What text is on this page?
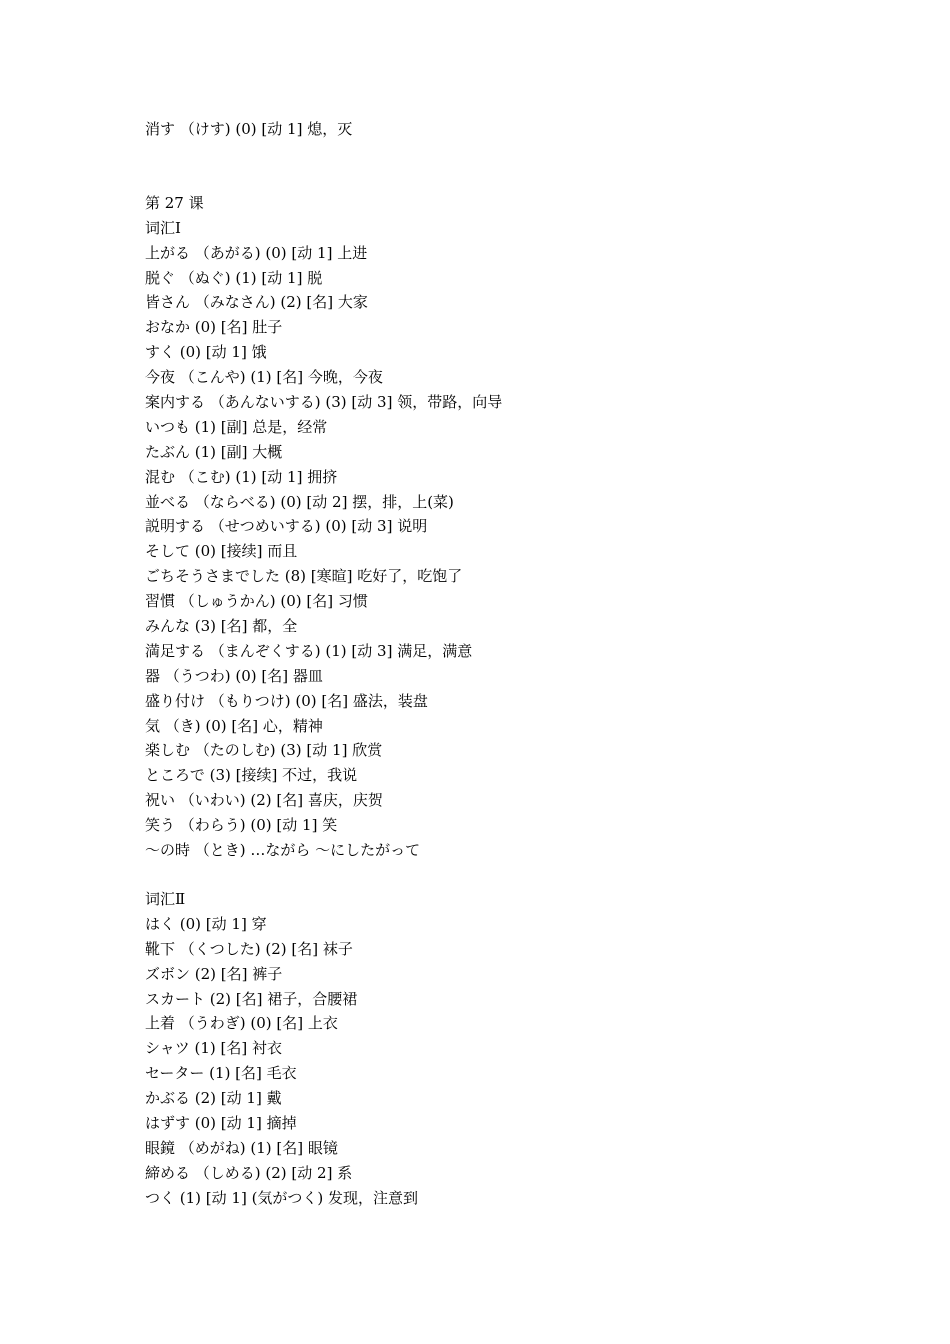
消す （けす) (0) [动 1] 熄，灭
第 27 课
词汇Ⅰ
上がる （あがる) (0) [动 1] 上进
脱ぐ （ぬぐ) (1) [动 1] 脱
皆さん （みなさん) (2) [名] 大家
おなか (0) [名] 肚子
すく (0) [动 1] 饿
今夜 （こんや) (1) [名] 今晚，今夜
案内する （あんないする) (3) [动 3] 领，带路，向导
いつも (1) [副] 总是，经常
たぶん (1) [副] 大概
混む （こむ) (1) [动 1] 拥挤
並べる （ならべる) (0) [动 2] 摆，排，上(菜)
説明する （せつめいする) (0) [动 3] 说明
そして (0) [接续] 而且
ごちそうさまでした (8) [寒暄] 吃好了，吃饱了
習慣 （しゅうかん) (0) [名] 习惯
みんな (3) [名] 都，全
満足する （まんぞくする) (1) [动 3] 满足，满意
器 （うつわ) (0) [名] 器皿
盛り付け （もりつけ) (0) [名] 盛法，装盘
気 （き) (0) [名] 心，精神
楽しむ （たのしむ) (3) [动 1] 欣赏
ところで (3) [接续] 不过，我说
祝い （いわい) (2) [名] 喜庆，庆贺
笑う （わらう) (0) [动 1] 笑
～の時 （とき) …ながら ～にしたがって
词汇Ⅱ
はく (0) [动 1] 穿
靴下 （くつした) (2) [名] 袜子
ズボン (2) [名] 裤子
スカート (2) [名] 裙子，合腰裙
上着 （うわぎ) (0) [名] 上衣
シャツ (1) [名] 衬衣
セーター (1) [名] 毛衣
かぶる (2) [动 1] 戴
はずす (0) [动 1] 摘掉
眼鏡 （めがね) (1) [名] 眼镜
締める （しめる) (2) [动 2] 系
つく (1) [动 1] (気がつく) 发现，注意到
